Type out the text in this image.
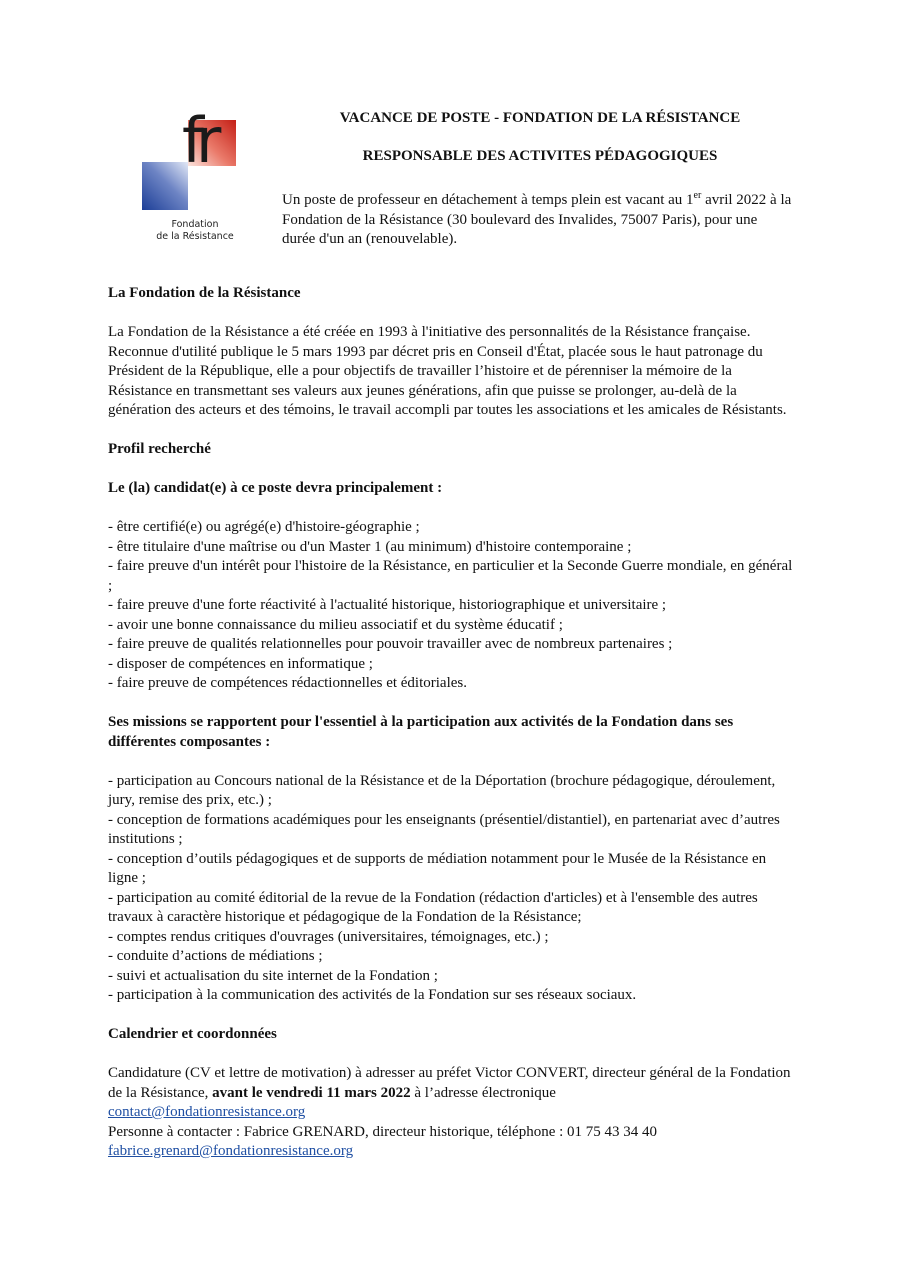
fr
Fondation
de la Résistance
VACANCE DE POSTE - FONDATION DE LA RÉSISTANCE
RESPONSABLE DES ACTIVITES PÉDAGOGIQUES
Un poste de professeur en détachement à temps plein est vacant au 1er avril 2022 à la Fondation de la Résistance (30 boulevard des Invalides, 75007 Paris), pour une durée d'un an (renouvelable).

La Fondation de la Résistance

La Fondation de la Résistance a été créée en 1993 à l'initiative des personnalités de la Résistance française. Reconnue d'utilité publique le 5 mars 1993 par décret pris en Conseil d'État, placée sous le haut patronage du Président de la République, elle a pour objectifs de travailler l’histoire et de pérenniser la mémoire de la Résistance en transmettant ses valeurs aux jeunes générations, afin que puisse se prolonger, au-delà de la génération des acteurs et des témoins, le travail accompli par toutes les associations et les amicales de Résistants.

Profil recherché

Le (la) candidat(e) à ce poste devra principalement :

- être certifié(e) ou agrégé(e) d'histoire-géographie ;

- être titulaire d'une maîtrise ou d'un Master 1 (au minimum) d'histoire contemporaine ;

- faire preuve d'un intérêt pour l'histoire de la Résistance, en particulier et la Seconde Guerre mondiale, en général ;

- faire preuve d'une forte réactivité à l'actualité historique, historiographique et universitaire ;

- avoir une bonne connaissance du milieu associatif et du système éducatif ;

- faire preuve de qualités relationnelles pour pouvoir travailler avec de nombreux partenaires ;

- disposer de compétences en informatique ;

- faire preuve de compétences rédactionnelles et éditoriales.

Ses missions se rapportent pour l'essentiel à la participation aux activités de la Fondation dans ses différentes composantes :

- participation au Concours national de la Résistance et de la Déportation (brochure pédagogique, déroulement, jury, remise des prix, etc.) ;

- conception de formations académiques pour les enseignants (présentiel/distantiel), en partenariat avec d’autres institutions ;

- conception d’outils pédagogiques et de supports de médiation notamment pour le Musée de la Résistance en ligne ;

- participation au comité éditorial de la revue de la Fondation (rédaction d'articles) et à l'ensemble des autres travaux à caractère historique et pédagogique de la Fondation de la Résistance;

- comptes rendus critiques d'ouvrages (universitaires, témoignages, etc.) ;

- conduite d’actions de médiations ;

- suivi et actualisation du site internet de la Fondation ;

- participation à la communication des activités de la Fondation sur ses réseaux sociaux.

Calendrier et coordonnées

Candidature (CV et lettre de motivation) à adresser au préfet Victor CONVERT, directeur général de la Fondation de la Résistance, avant le vendredi 11 mars 2022 à l’adresse électronique

contact@fondationresistance.org

Personne à contacter : Fabrice GRENARD, directeur historique, téléphone : 01 75 43 34 40

fabrice.grenard@fondationresistance.org
